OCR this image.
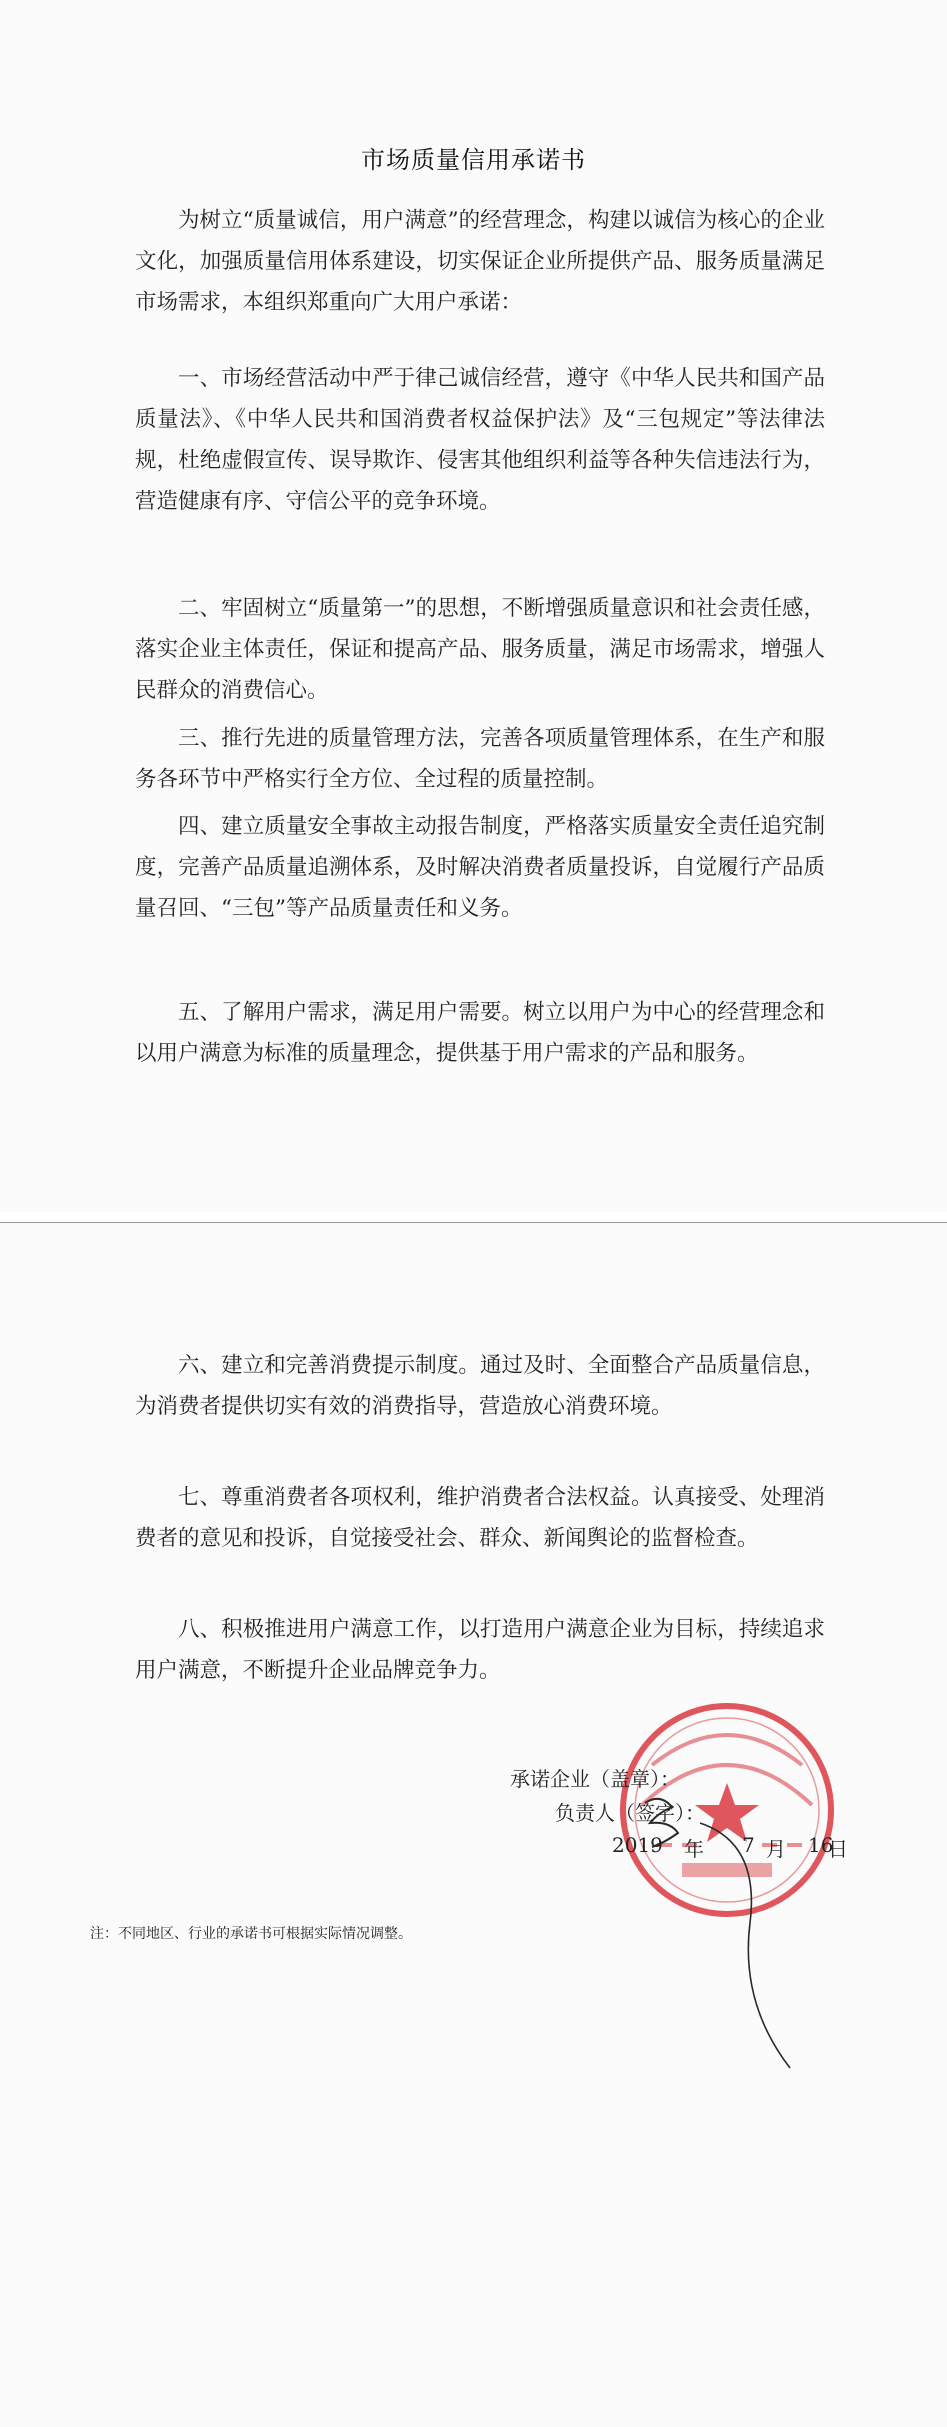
市场质量信用承诺书

为树立“质量诚信，用户满意”的经营理念，构建以诚信为核心的企业文化，加强质量信用体系建设，切实保证企业所提供产品、服务质量满足市场需求，本组织郑重向广大用户承诺：

一、市场经营活动中严于律己诚信经营，遵守《中华人民共和国产品质量法》、《中华人民共和国消费者权益保护法》及“三包规定”等法律法规，杜绝虚假宣传、误导欺诈、侵害其他组织利益等各种失信违法行为，营造健康有序、守信公平的竞争环境。

二、牢固树立“质量第一”的思想，不断增强质量意识和社会责任感，落实企业主体责任，保证和提高产品、服务质量，满足市场需求，增强人民群众的消费信心。

三、推行先进的质量管理方法，完善各项质量管理体系，在生产和服务各环节中严格实行全方位、全过程的质量控制。

四、建立质量安全事故主动报告制度，严格落实质量安全责任追究制度，完善产品质量追溯体系，及时解决消费者质量投诉，自觉履行产品质量召回、“三包”等产品质量责任和义务。

五、了解用户需求，满足用户需要。树立以用户为中心的经营理念和以用户满意为标准的质量理念，提供基于用户需求的产品和服务。

六、建立和完善消费提示制度。通过及时、全面整合产品质量信息，为消费者提供切实有效的消费指导，营造放心消费环境。

七、尊重消费者各项权利，维护消费者合法权益。认真接受、处理消费者的意见和投诉，自觉接受社会、群众、新闻舆论的监督检查。

八、积极推进用户满意工作，以打造用户满意企业为目标，持续追求用户满意，不断提升企业品牌竞争力。

承诺企业（盖章）：
负责人（签字）：
2019 年 7 月 16
日
注：不同地区、行业的承诺书可根据实际情况调整。
